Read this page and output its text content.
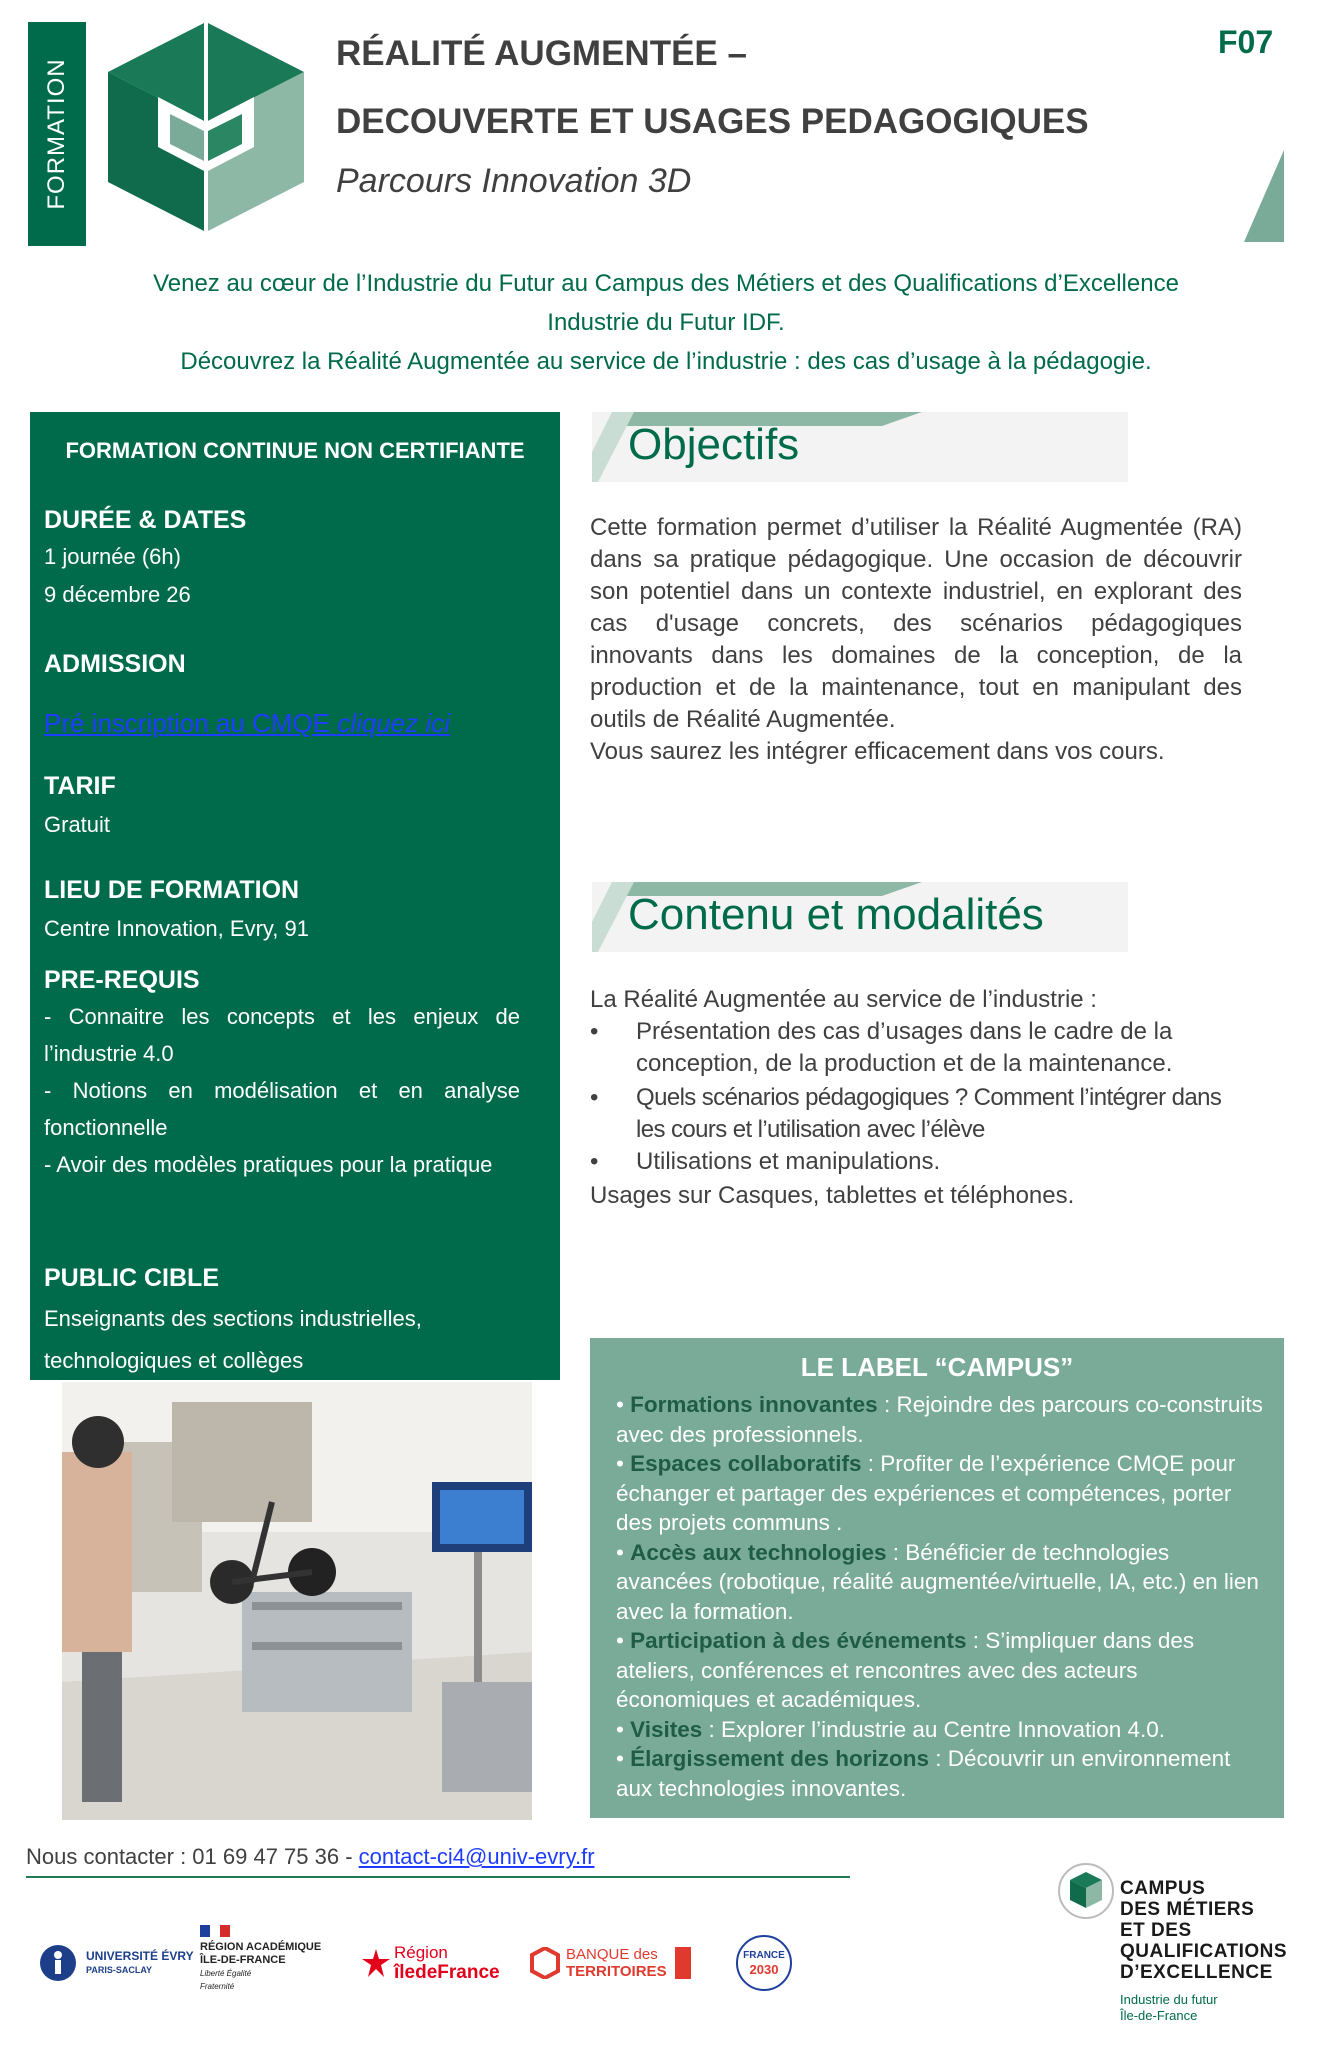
FORMATION
RÉALITÉ AUGMENTÉE –
DECOUVERTE ET USAGES PEDAGOGIQUES
Parcours Innovation 3D
F07
Venez au cœur de l’Industrie du Futur au Campus des Métiers et des Qualifications d’Excellence
Industrie du Futur IDF.
Découvrez la Réalité Augmentée au service de l’industrie : des cas d’usage à la pédagogie.
FORMATION CONTINUE NON CERTIFIANTE
DURÉE & DATES
1 journée (6h)
9 décembre 26
ADMISSION
Pré inscription au CMQE cliquez ici
TARIF
Gratuit
LIEU DE FORMATION
Centre Innovation, Evry, 91
PRE-REQUIS
- Connaitre les concepts et les enjeux de l’industrie 4.0
- Notions en modélisation et en analyse fonctionnelle
- Avoir des modèles pratiques pour la pratique
PUBLIC CIBLE
Enseignants des sections industrielles, technologiques et collèges
Objectifs
Cette formation permet d’utiliser la Réalité Augmentée (RA) dans sa pratique pédagogique. Une occasion de découvrir son potentiel dans un contexte industriel, en explorant des cas d'usage concrets, des scénarios pédagogiques innovants dans les domaines de la conception, de la production et de la maintenance, tout en manipulant des outils de Réalité Augmentée.
Vous saurez les intégrer efficacement dans vos cours.
Contenu et modalités
La Réalité Augmentée au service de l’industrie :
• Présentation des cas d’usages dans le cadre de la conception, de la production et de la maintenance.
• Quels scénarios pédagogiques ? Comment l’intégrer dans les cours et l’utilisation avec l’élève
• Utilisations et manipulations.
Usages sur Casques, tablettes et téléphones.
LE LABEL “CAMPUS”
• Formations innovantes : Rejoindre des parcours co-construits avec des professionnels.
• Espaces collaboratifs : Profiter de l’expérience CMQE pour échanger et partager des expériences et compétences, porter des projets communs .
• Accès aux technologies : Bénéficier de technologies avancées (robotique, réalité augmentée/virtuelle, IA, etc.) en lien avec la formation.
• Participation à des événements : S’impliquer dans des ateliers, conférences et rencontres avec des acteurs économiques et académiques.
• Visites : Explorer l’industrie au Centre Innovation 4.0.
• Élargissement des horizons : Découvrir un environnement aux technologies innovantes.
Nous contacter : 01 69 47 75 36 - contact-ci4@univ-evry.fr
UNIVERSITÉ ÉVRY
PARIS-SACLAY
RÉGION ACADÉMIQUE
ÎLE-DE-FRANCE
Liberté Égalité Fraternité
Région
îledeFrance
BANQUE des
TERRITOIRES
FRANCE
2030
CAMPUS
DES MÉTIERS
ET DES
QUALIFICATIONS
D’EXCELLENCE
Industrie du futur
Île-de-France
